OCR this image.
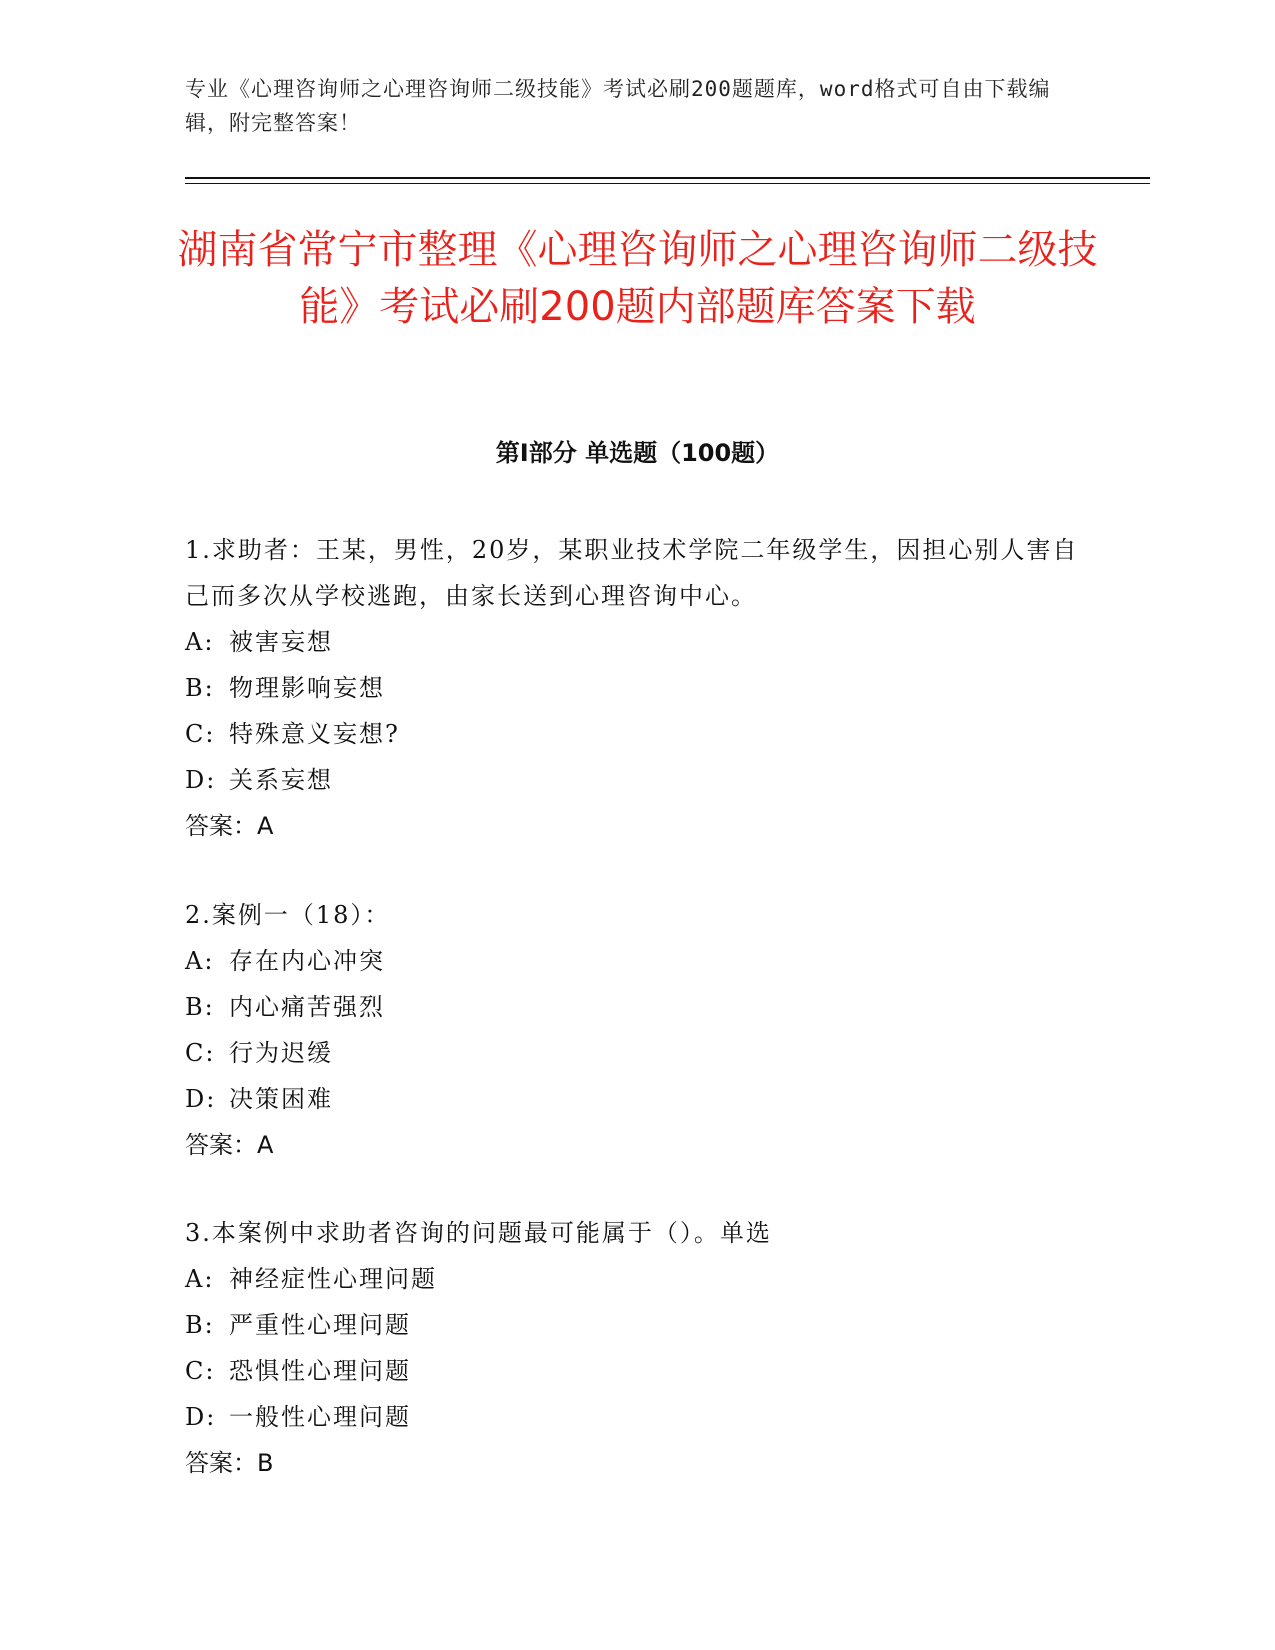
专业《心理咨询师之心理咨询师二级技能》考试必刷200题题库，word格式可自由下载编辑，附完整答案！
湖南省常宁市整理《心理咨询师之心理咨询师二级技能》考试必刷200题内部题库答案下载
第I部分 单选题（100题）

1.求助者：王某，男性，20岁，某职业技术学院二年级学生，因担心别人害自己而多次从学校逃跑，由家长送到心理咨询中心。

A: 被害妄想

B: 物理影响妄想

C: 特殊意义妄想?

D: 关系妄想

答案：A

2.案例一（18）：

A: 存在内心冲突

B: 内心痛苦强烈

C: 行为迟缓

D: 决策困难

答案：A

3.本案例中求助者咨询的问题最可能属于（）。单选

A: 神经症性心理问题

B: 严重性心理问题

C: 恐惧性心理问题

D: 一般性心理问题

答案：B
